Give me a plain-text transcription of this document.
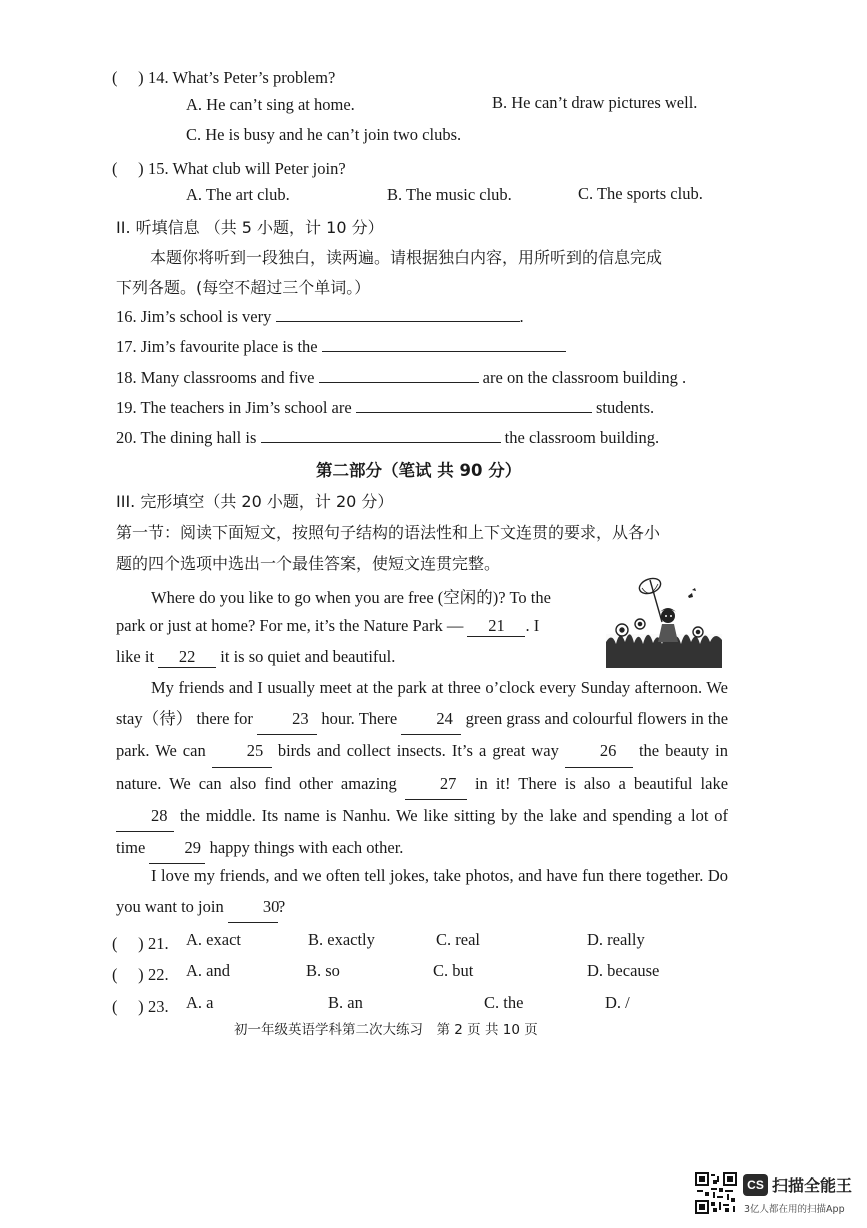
(　 ) 14. What’s Peter’s problem?
A. He can’t sing at home.	B. He can’t draw pictures well.
C. He is busy and he can’t join two clubs.
(　 ) 15. What club will Peter join?
A. The art club.	B. The music club.	C. The sports club.
II. 听填信息 （共 5 小题，计 10 分）
本题你将听到一段独白，读两遍。请根据独白内容，用所听到的信息完成
下列各题。(每空不超过三个单词。）
16. Jim’s school is very	.
17. Jim’s favourite place is the
18. Many classrooms and five	are on the classroom building .
19. The teachers in Jim’s school are	students.
20. The dining hall is	the classroom building.
第二部分（笔试 共 90 分）
III. 完形填空（共 20 小题，计 20 分）
第一节：阅读下面短文，按照句子结构的语法性和上下文连贯的要求，从各小
题的四个选项中选出一个最佳答案，使短文连贯完整。
Where do you like to go when you are free (空闲的)? To the
park or just at home? For me, it’s the Nature Park — 21 . I
like it 22 it is so quiet and beautiful.
My friends and I usually meet at the park at three o’clock every Sunday afternoon. We stay（待） there for 23 hour. There 24 green grass and colourful flowers in the park. We can 25 birds and collect insects. It’s a great way 26 the beauty in nature. We can also find other amazing	27 in it! There is also a beautiful lake 28 the middle. Its name is Nanhu. We like sitting by the lake and spending a lot of time 29 happy things with each other.
I love my friends, and we often tell jokes, take photos, and have fun there together. Do you want to join 30?
(　 ) 21. A. exact	B. exactly	C. real	D. really
(　 ) 22. A. and	B. so	C. but	D. because
(　 ) 23. A. a	B. an	C. the	D. /
初一年级英语学科第二次大练习　第 2 页 共 10 页
CS 扫描全能王
3亿人都在用的扫描App
